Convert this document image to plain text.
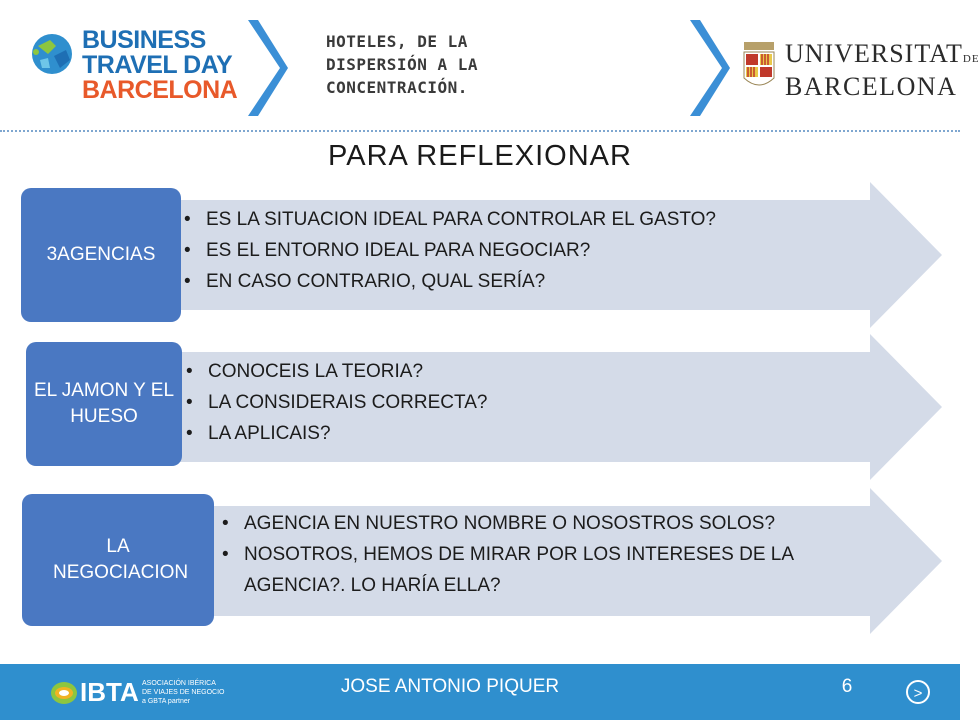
BUSINESS
TRAVEL DAY
BARCELONA
HOTELES, DE LA
DISPERSIÓN A LA
CONCENTRACIÓN.
UNIVERSITATDE
BARCELONA
PARA REFLEXIONAR
3AGENCIAS
• ES LA SITUACION IDEAL PARA CONTROLAR EL GASTO?
• ES EL ENTORNO IDEAL PARA NEGOCIAR?
• EN CASO CONTRARIO, QUAL SERÍA?
EL JAMON Y EL HUESO
• CONOCEIS LA TEORIA?
• LA CONSIDERAIS CORRECTA?
• LA APLICAIS?
LA NEGOCIACION
• AGENCIA EN NUESTRO NOMBRE O NOSOSTROS SOLOS?
• NOSOTROS, HEMOS DE MIRAR POR LOS INTERESES DE LA AGENCIA?. LO HARÍA ELLA?
IBTA ASOCIACIÓN IBÉRICA
DE VIAJES DE NEGOCIO
a GBTA partner
JOSE ANTONIO PIQUER	6	>
